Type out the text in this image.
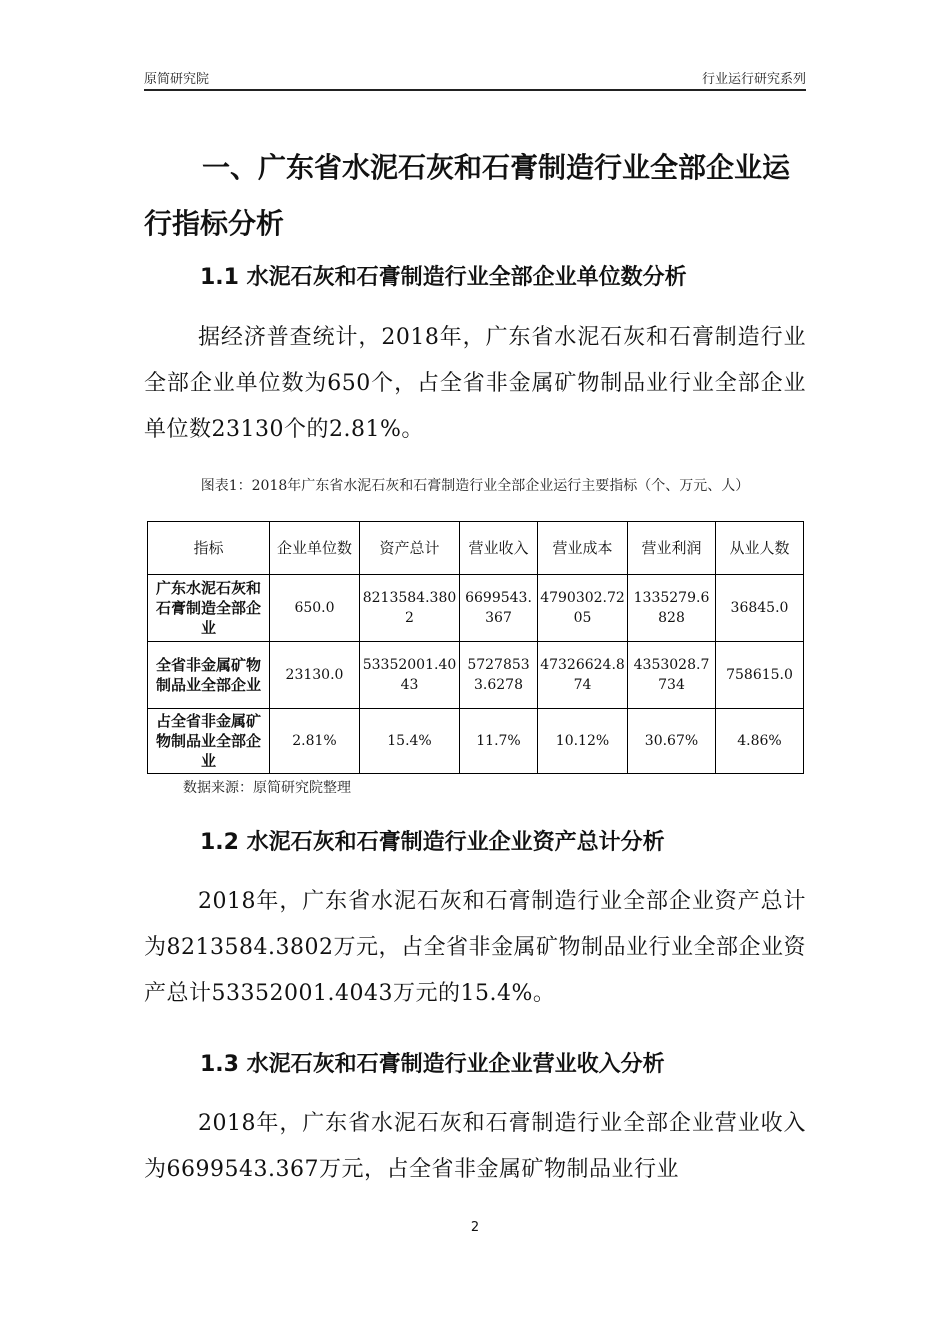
原简研究院	行业运行研究系列
一、广东省水泥石灰和石膏制造行业全部企业运行指标分析
1.1 水泥石灰和石膏制造行业全部企业单位数分析
据经济普查统计，2018年，广东省水泥石灰和石膏制造行业全部企业单位数为650个，占全省非金属矿物制品业行业全部企业单位数23130个的2.81%。
图表1：2018年广东省水泥石灰和石膏制造行业全部企业运行主要指标（个、万元、人）
指标	企业单位数	资产总计	营业收入	营业成本	营业利润	从业人数
广东水泥石灰和石膏制造全部企业	650.0	8213584.3802	6699543.367	4790302.7205	1335279.6828	36845.0
全省非金属矿物制品业全部企业	23130.0	53352001.4043	57278533.6278	47326624.874	4353028.7734	758615.0
占全省非金属矿物制品业全部企业	2.81%	15.4%	11.7%	10.12%	30.67%	4.86%
数据来源：原简研究院整理
1.2 水泥石灰和石膏制造行业企业资产总计分析
2018年，广东省水泥石灰和石膏制造行业全部企业资产总计为8213584.3802万元，占全省非金属矿物制品业行业全部企业资产总计53352001.4043万元的15.4%。
1.3 水泥石灰和石膏制造行业企业营业收入分析
2018年，广东省水泥石灰和石膏制造行业全部企业营业收入为6699543.367万元，占全省非金属矿物制品业行业
2
